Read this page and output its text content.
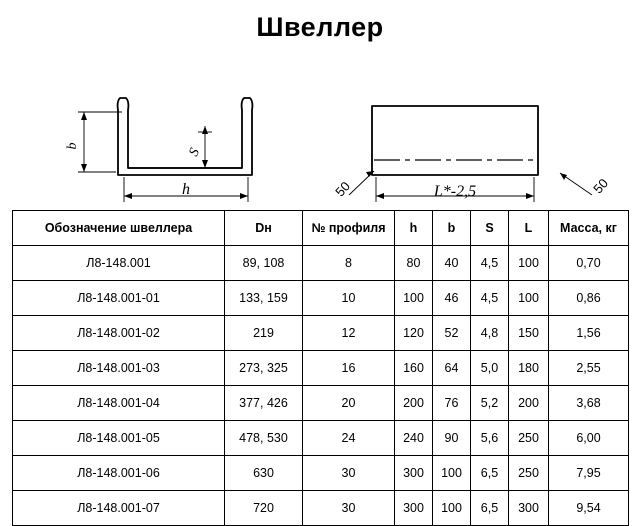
Швеллер
b
S
h	50	50
L*-2,5
Обозначение швеллера	Dн	№ профиля	h	b	S	L	Масса, кг
Л8-148.001	89, 108	8	80	40	4,5	100	0,70
Л8-148.001-01	133, 159	10	100	46	4,5	100	0,86
Л8-148.001-02	219	12	120	52	4,8	150	1,56
Л8-148.001-03	273, 325	16	160	64	5,0	180	2,55
Л8-148.001-04	377, 426	20	200	76	5,2	200	3,68
Л8-148.001-05	478, 530	24	240	90	5,6	250	6,00
Л8-148.001-06	630	30	300	100	6,5	250	7,95
Л8-148.001-07	720	30	300	100	6,5	300	9,54
